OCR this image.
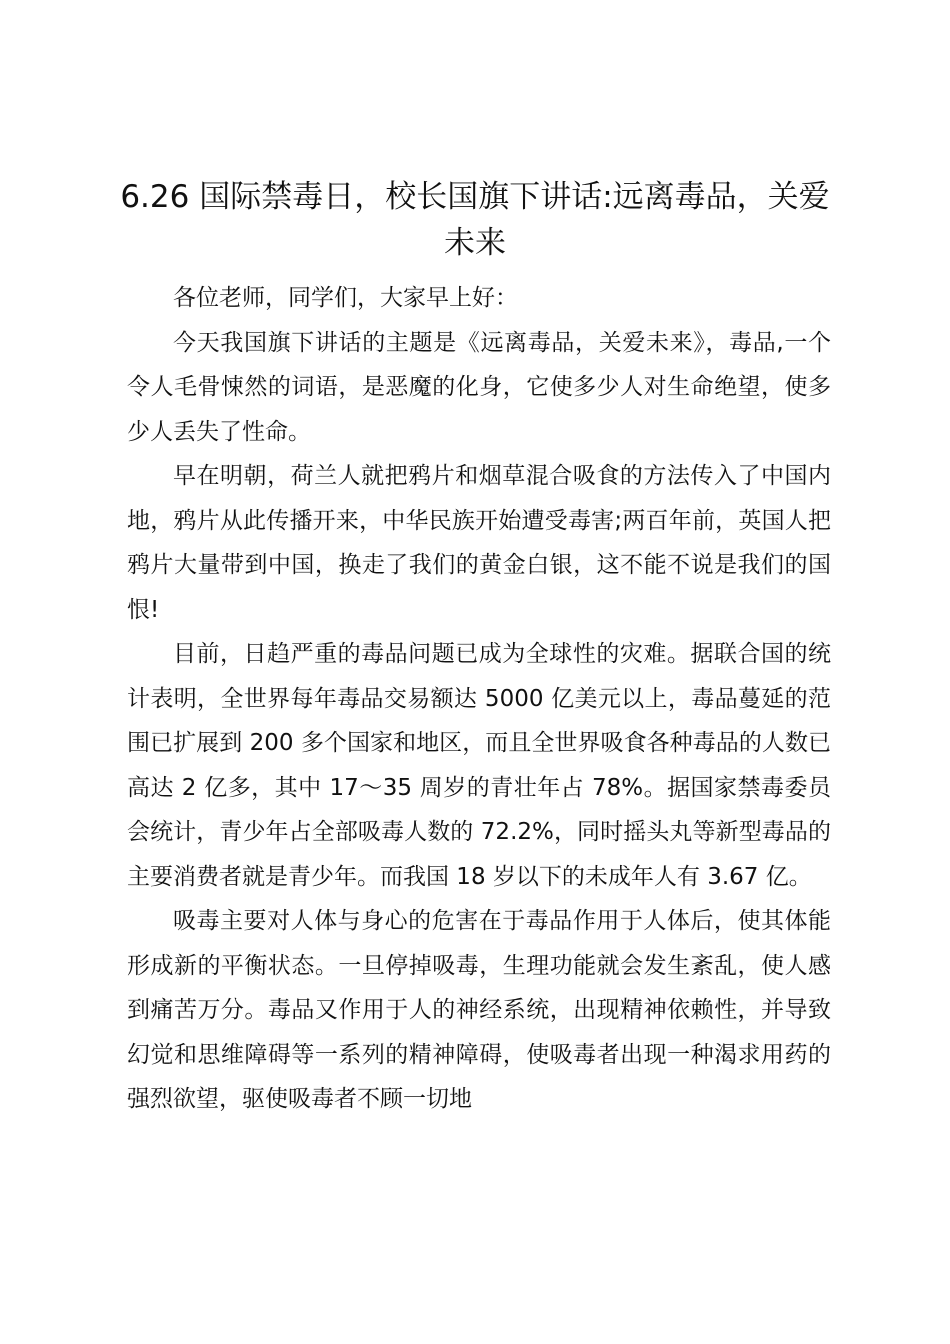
6.26 国际禁毒日，校长国旗下讲话:远离毒品，关爱未来

各位老师，同学们，大家早上好：

今天我国旗下讲话的主题是《远离毒品，关爱未来》，毒品,一个令人毛骨悚然的词语，是恶魔的化身，它使多少人对生命绝望，使多少人丢失了性命。

早在明朝，荷兰人就把鸦片和烟草混合吸食的方法传入了中国内地，鸦片从此传播开来，中华民族开始遭受毒害;两百年前，英国人把鸦片大量带到中国，换走了我们的黄金白银，这不能不说是我们的国恨!

目前，日趋严重的毒品问题已成为全球性的灾难。据联合国的统计表明，全世界每年毒品交易额达 5000 亿美元以上，毒品蔓延的范围已扩展到 200 多个国家和地区，而且全世界吸食各种毒品的人数已高达 2 亿多，其中 17～35 周岁的青壮年占 78%。据国家禁毒委员会统计，青少年占全部吸毒人数的 72.2%，同时摇头丸等新型毒品的主要消费者就是青少年。而我国 18 岁以下的未成年人有 3.67 亿。

吸毒主要对人体与身心的危害在于毒品作用于人体后，使其体能形成新的平衡状态。一旦停掉吸毒，生理功能就会发生紊乱，使人感到痛苦万分。毒品又作用于人的神经系统，出现精神依赖性，并导致幻觉和思维障碍等一系列的精神障碍，使吸毒者出现一种渴求用药的强烈欲望，驱使吸毒者不顾一切地
